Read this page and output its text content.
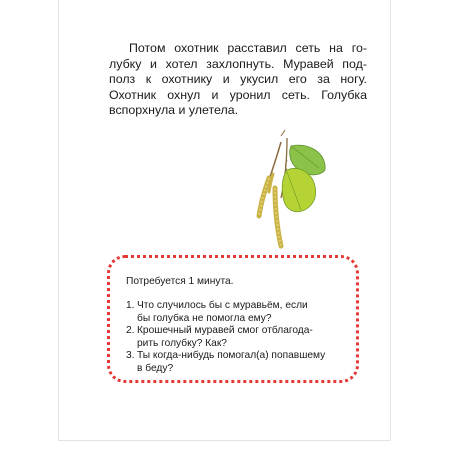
Потом охотник расставил сеть на го-

лубку и хотел захлопнуть. Муравей под-

полз к охотнику и укусил его за ногу.

Охотник охнул и уронил сеть. Голубка

вспорхнула и улетела.

Потребуется 1 минута.
1. Что случилось бы с муравьём, если
бы голубка не помогла ему?
2. Крошечный муравей смог отблагода-
рить голубку? Как?
3. Ты когда-нибудь помогал(а) попавшему
в беду?
